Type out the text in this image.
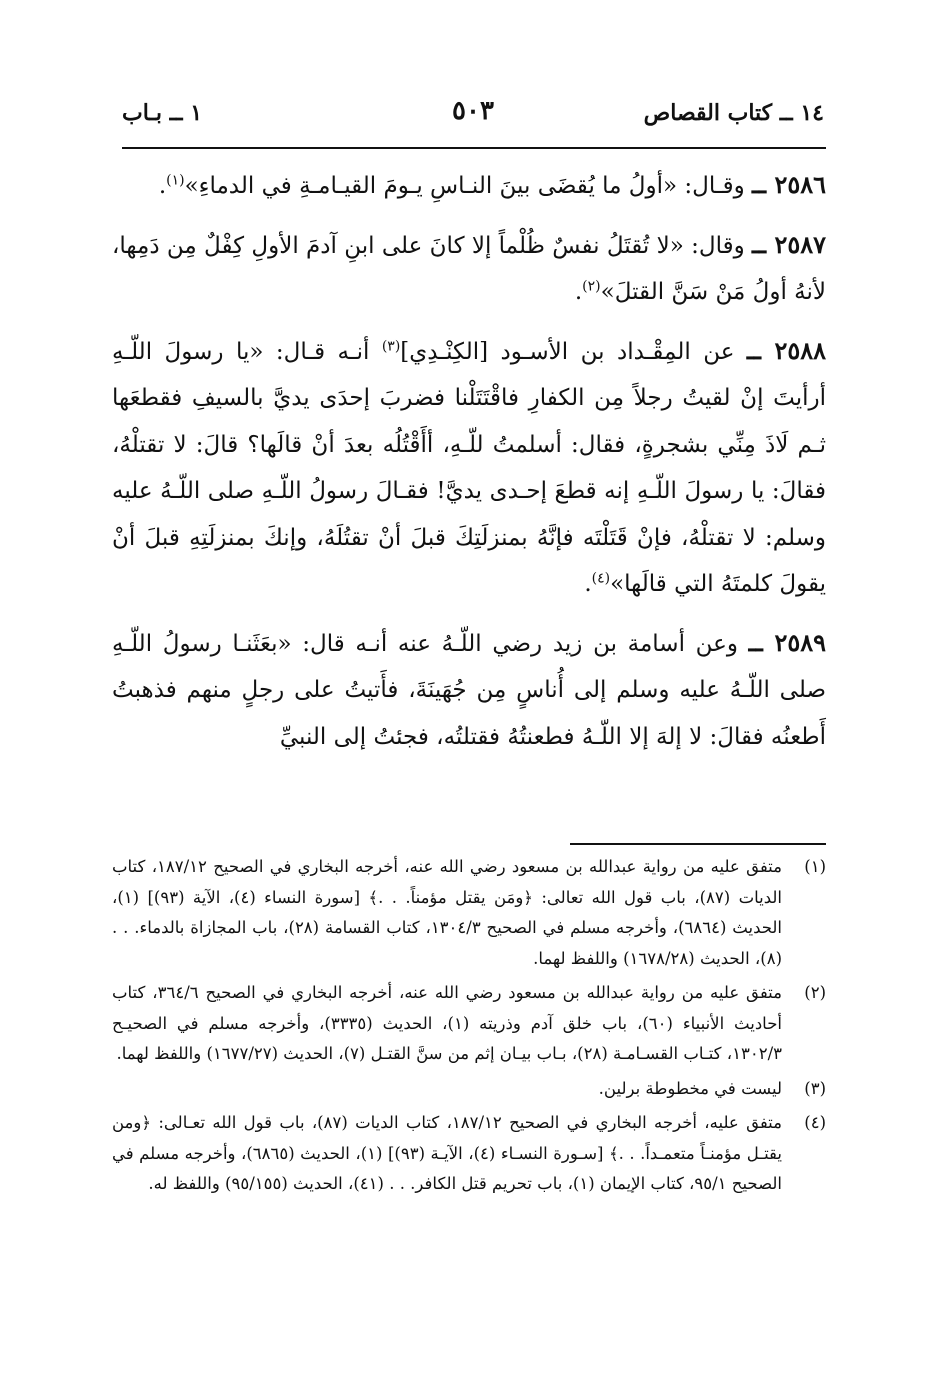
١٤ ــ كتاب القصاص
٥٠٣
١ ــ بـاب

٢٥٨٦ ــ وقـال: «أولُ ما يُقضَى بينَ النـاسِ يـومَ القيـامـةِ في الدماءِ»$^{(١)}$.

٢٥٨٧ ــ وقال: «لا تُقتَلُ نفسٌ ظُلْماً إلا كانَ على ابنِ آدمَ الأولِ كِفْلٌ مِن دَمِها، لأنهُ أولُ مَنْ سَنَّ القتلَ»$^{(٢)}$.

٢٥٨٨ ــ عن المِقْـداد بن الأسـود [الكِنْـدِي]$^{(٣)}$ أنـه قـال: «يا رسولَ اللّـهِ أرأيتَ إنْ لقيتُ رجلاً مِن الكفارِ فاقْتَتَلْنا فضربَ إحدَى يديَّ بالسيفِ فقطعَها ثـم لَاذَ مِنِّي بشجرةٍ، فقال: أسلمتُ للّـهِ، أأَقْتُلُه بعدَ أنْ قالَها؟ قالَ: لا تقتلْهُ، فقالَ: يا رسولَ اللّـهِ إنه قطعَ إحـدى يديَّ! فقـالَ رسولُ اللّـهِ صلى اللّـهُ عليه وسلم: لا تقتلْهُ، فإنْ قَتَلْتَه فإنَّهُ بمنزلَتِكَ قبلَ أنْ تقتُلَهُ، وإنكَ بمنزلَتِهِ قبلَ أنْ يقولَ كلمتَهُ التي قالَها»$^{(٤)}$.

٢٥٨٩ ــ وعن أسامة بن زيد رضي اللّـهُ عنه أنـه قال: «بعَثَنـا رسولُ اللّـهِ صلى اللّـهُ عليه وسلم إلى أُناسٍ مِن جُهَينَةَ، فأَتيتُ على رجلٍ منهم فذهبتُ أَطعنُه فقالَ: لا إلهَ إلا اللّـهُ فطعنتُهُ فقتلتُه، فجئتُ إلى النبيِّ

(١)
متفق عليه من رواية عبدالله بن مسعود رضي الله عنه، أخرجه البخاري في الصحيح ١٨٧/١٢، كتاب الديات (٨٧)، باب قول الله تعالى: ﴿ومَن يقتل مؤمناً. . .﴾ [سورة النساء (٤)، الآية (٩٣)] (١)، الحديث (٦٨٦٤)، وأخرجه مسلم في الصحيح ١٣٠٤/٣، كتاب القسامة (٢٨)، باب المجازاة بالدماء. . . (٨)، الحديث (١٦٧٨/٢٨) واللفظ لهما.

(٢)
متفق عليه من رواية عبدالله بن مسعود رضي الله عنه، أخرجه البخاري في الصحيح ٣٦٤/٦، كتاب أحاديث الأنبياء (٦٠)، باب خلق آدم وذريته (١)، الحديث (٣٣٣٥)، وأخرجه مسلم في الصحيـح ١٣٠٢/٣، كتـاب القسـامـة (٢٨)، بـاب بيـان إثم من سنَّ القتـل (٧)، الحديث (١٦٧٧/٢٧) واللفظ لهما.

(٣)
ليست في مخطوطة برلين.

(٤)
متفق عليه، أخرجه البخاري في الصحيح ١٨٧/١٢، كتاب الديات (٨٧)، باب قول الله تعـالى: ﴿ومن يقتـل مؤمنـاً متعمـداً. . .﴾ [سـورة النسـاء (٤)، الآيـة (٩٣)] (١)، الحديث (٦٨٦٥)، وأخرجه مسلم في الصحيح ٩٥/١، كتاب الإيمان (١)، باب تحريم قتل الكافر. . . (٤١)، الحديث (٩٥/١٥٥) واللفظ له.
